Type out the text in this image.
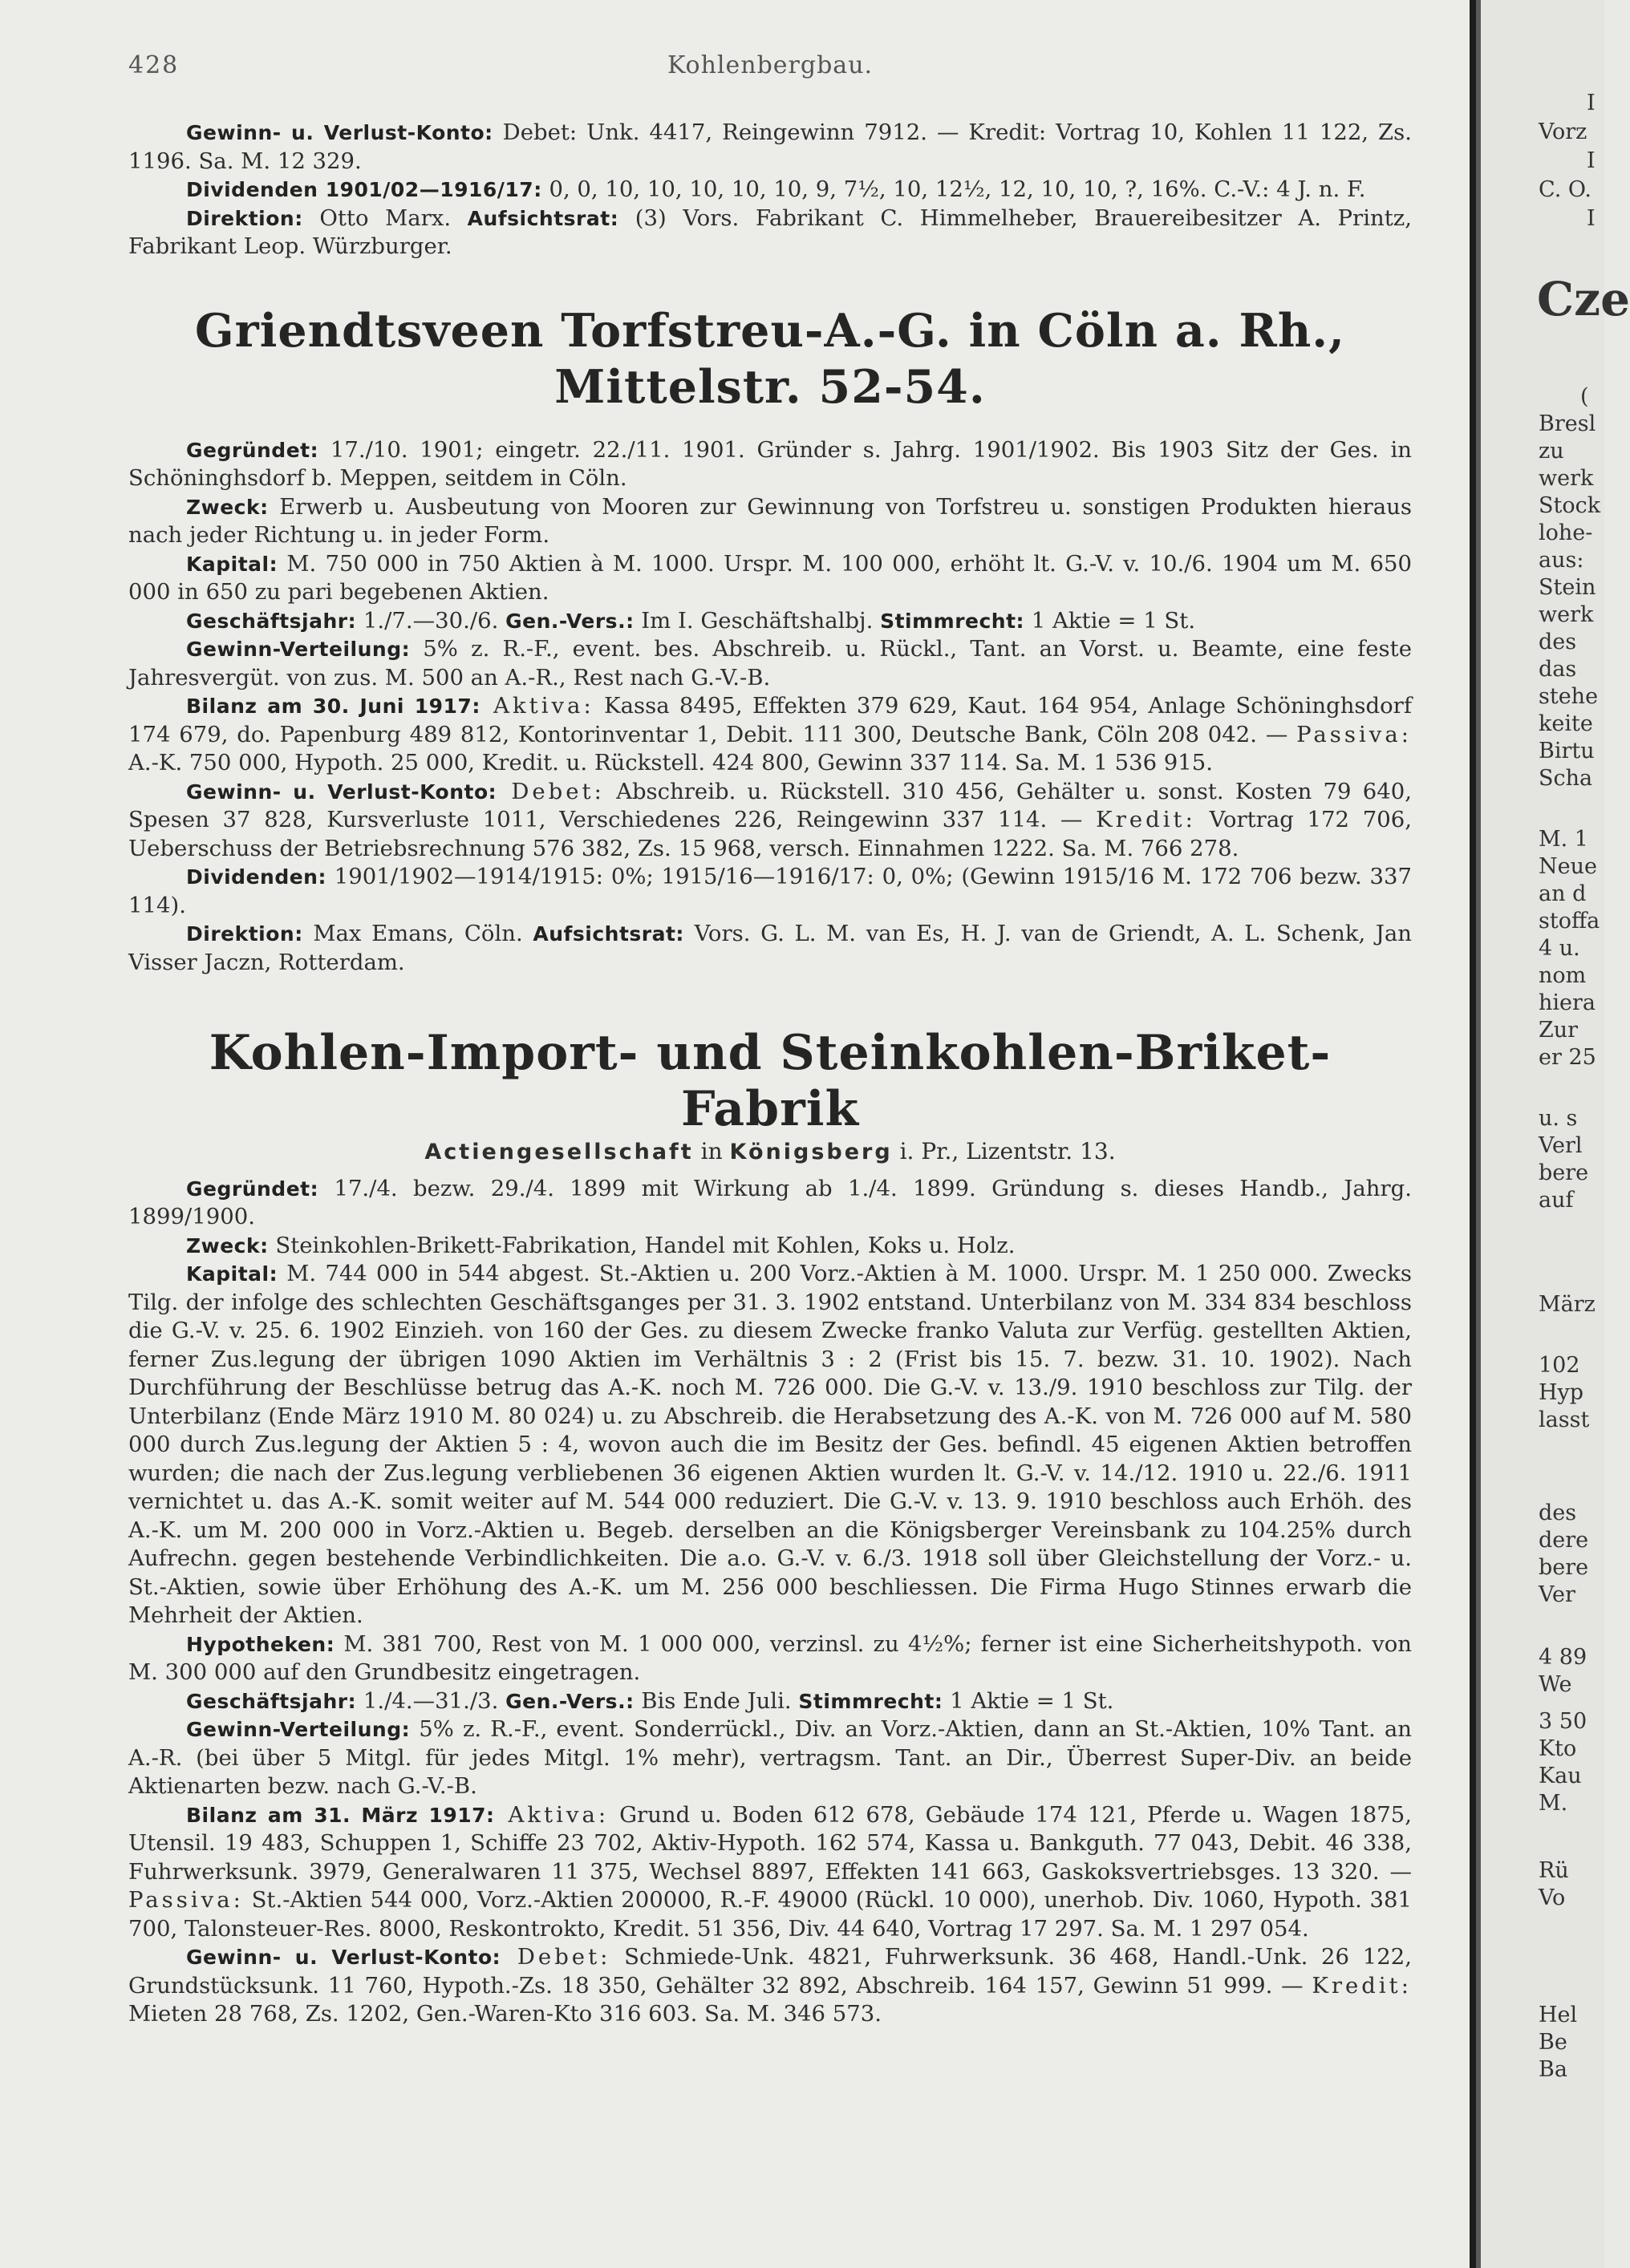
428	Kohlenbergbau.

Gewinn- u. Verlust-Konto: Debet: Unk. 4417, Reingewinn 7912. — Kredit: Vortrag 10, Kohlen 11 122, Zs. 1196. Sa. M. 12 329.

Dividenden 1901/02—1916/17: 0, 0, 10, 10, 10, 10, 10, 9, 7½, 10, 12½, 12, 10, 10, ?, 16%. C.-V.: 4 J. n. F.

Direktion: Otto Marx. Aufsichtsrat: (3) Vors. Fabrikant C. Himmelheber, Brauereibesitzer A. Printz, Fabrikant Leop. Würzburger.

Griendtsveen Torfstreu-A.-G. in Cöln a. Rh., Mittelstr. 52-54.

Gegründet: 17./10. 1901; eingetr. 22./11. 1901. Gründer s. Jahrg. 1901/1902. Bis 1903 Sitz der Ges. in Schöninghsdorf b. Meppen, seitdem in Cöln.

Zweck: Erwerb u. Ausbeutung von Mooren zur Gewinnung von Torfstreu u. sonstigen Produkten hieraus nach jeder Richtung u. in jeder Form.

Kapital: M. 750 000 in 750 Aktien à M. 1000. Urspr. M. 100 000, erhöht lt. G.-V. v. 10./6. 1904 um M. 650 000 in 650 zu pari begebenen Aktien.

Geschäftsjahr: 1./7.—30./6. Gen.-Vers.: Im I. Geschäftshalbj. Stimmrecht: 1 Aktie = 1 St.

Gewinn-Verteilung: 5% z. R.-F., event. bes. Abschreib. u. Rückl., Tant. an Vorst. u. Beamte, eine feste Jahresvergüt. von zus. M. 500 an A.-R., Rest nach G.-V.-B.

Bilanz am 30. Juni 1917: Aktiva: Kassa 8495, Effekten 379 629, Kaut. 164 954, Anlage Schöninghsdorf 174 679, do. Papenburg 489 812, Kontorinventar 1, Debit. 111 300, Deutsche Bank, Cöln 208 042. — Passiva: A.-K. 750 000, Hypoth. 25 000, Kredit. u. Rückstell. 424 800, Gewinn 337 114. Sa. M. 1 536 915.

Gewinn- u. Verlust-Konto: Debet: Abschreib. u. Rückstell. 310 456, Gehälter u. sonst. Kosten 79 640, Spesen 37 828, Kursverluste 1011, Verschiedenes 226, Reingewinn 337 114. — Kredit: Vortrag 172 706, Ueberschuss der Betriebsrechnung 576 382, Zs. 15 968, versch. Einnahmen 1222. Sa. M. 766 278.

Dividenden: 1901/1902—1914/1915: 0%; 1915/16—1916/17: 0, 0%; (Gewinn 1915/16 M. 172 706 bezw. 337 114).

Direktion: Max Emans, Cöln. Aufsichtsrat: Vors. G. L. M. van Es, H. J. van de Griendt, A. L. Schenk, Jan Visser Jaczn, Rotterdam.

Kohlen-Import- und Steinkohlen-Briket-Fabrik
Actiengesellschaft in Königsberg i. Pr., Lizentstr. 13.

Gegründet: 17./4. bezw. 29./4. 1899 mit Wirkung ab 1./4. 1899. Gründung s. dieses Handb., Jahrg. 1899/1900.

Zweck: Steinkohlen-Brikett-Fabrikation, Handel mit Kohlen, Koks u. Holz.

Kapital: M. 744 000 in 544 abgest. St.-Aktien u. 200 Vorz.-Aktien à M. 1000. Urspr. M. 1 250 000. Zwecks Tilg. der infolge des schlechten Geschäftsganges per 31. 3. 1902 entstand. Unterbilanz von M. 334 834 beschloss die G.-V. v. 25. 6. 1902 Einzieh. von 160 der Ges. zu diesem Zwecke franko Valuta zur Verfüg. gestellten Aktien, ferner Zus.legung der übrigen 1090 Aktien im Verhältnis 3 : 2 (Frist bis 15. 7. bezw. 31. 10. 1902). Nach Durchführung der Beschlüsse betrug das A.-K. noch M. 726 000. Die G.-V. v. 13./9. 1910 beschloss zur Tilg. der Unterbilanz (Ende März 1910 M. 80 024) u. zu Abschreib. die Herabsetzung des A.-K. von M. 726 000 auf M. 580 000 durch Zus.legung der Aktien 5 : 4, wovon auch die im Besitz der Ges. befindl. 45 eigenen Aktien betroffen wurden; die nach der Zus.legung verbliebenen 36 eigenen Aktien wurden lt. G.-V. v. 14./12. 1910 u. 22./6. 1911 vernichtet u. das A.-K. somit weiter auf M. 544 000 reduziert. Die G.-V. v. 13. 9. 1910 beschloss auch Erhöh. des A.-K. um M. 200 000 in Vorz.-Aktien u. Begeb. derselben an die Königsberger Vereinsbank zu 104.25% durch Aufrechn. gegen bestehende Verbindlichkeiten. Die a.o. G.-V. v. 6./3. 1918 soll über Gleichstellung der Vorz.- u. St.-Aktien, sowie über Erhöhung des A.-K. um M. 256 000 beschliessen. Die Firma Hugo Stinnes erwarb die Mehrheit der Aktien.

Hypotheken: M. 381 700, Rest von M. 1 000 000, verzinsl. zu 4½%; ferner ist eine Sicherheitshypoth. von M. 300 000 auf den Grundbesitz eingetragen.

Geschäftsjahr: 1./4.—31./3. Gen.-Vers.: Bis Ende Juli. Stimmrecht: 1 Aktie = 1 St.

Gewinn-Verteilung: 5% z. R.-F., event. Sonderrückl., Div. an Vorz.-Aktien, dann an St.-Aktien, 10% Tant. an A.-R. (bei über 5 Mitgl. für jedes Mitgl. 1% mehr), vertragsm. Tant. an Dir., Überrest Super-Div. an beide Aktienarten bezw. nach G.-V.-B.

Bilanz am 31. März 1917: Aktiva: Grund u. Boden 612 678, Gebäude 174 121, Pferde u. Wagen 1875, Utensil. 19 483, Schuppen 1, Schiffe 23 702, Aktiv-Hypoth. 162 574, Kassa u. Bankguth. 77 043, Debit. 46 338, Fuhrwerksunk. 3979, Generalwaren 11 375, Wechsel 8897, Effekten 141 663, Gaskoksvertriebsges. 13 320. — Passiva: St.-Aktien 544 000, Vorz.-Aktien 200000, R.-F. 49000 (Rückl. 10 000), unerhob. Div. 1060, Hypoth. 381 700, Talonsteuer-Res. 8000, Reskontrokto, Kredit. 51 356, Div. 44 640, Vortrag 17 297. Sa. M. 1 297 054.

Gewinn- u. Verlust-Konto: Debet: Schmiede-Unk. 4821, Fuhrwerksunk. 36 468, Handl.-Unk. 26 122, Grundstücksunk. 11 760, Hypoth.-Zs. 18 350, Gehälter 32 892, Abschreib. 164 157, Gewinn 51 999. — Kredit: Mieten 28 768, Zs. 1202, Gen.-Waren-Kto 316 603. Sa. M. 346 573.

I
Vorz
I
C. O.
I
Cze
(
Bresl
zu
werk
Stock
lohe-
aus:
Stein
werk
des
das
stehe
keite
Birtu
Scha
M. 1
Neue
an d
stoffa
4 u.
nom
hiera
Zur
er 25
u. s
Verl
bere
auf
März
102
Hyp
lasst
des
dere
bere
Ver
4 89
We
3 50
Kto
Kau
M.
Rü
Vo
Hel
Be
Ba
